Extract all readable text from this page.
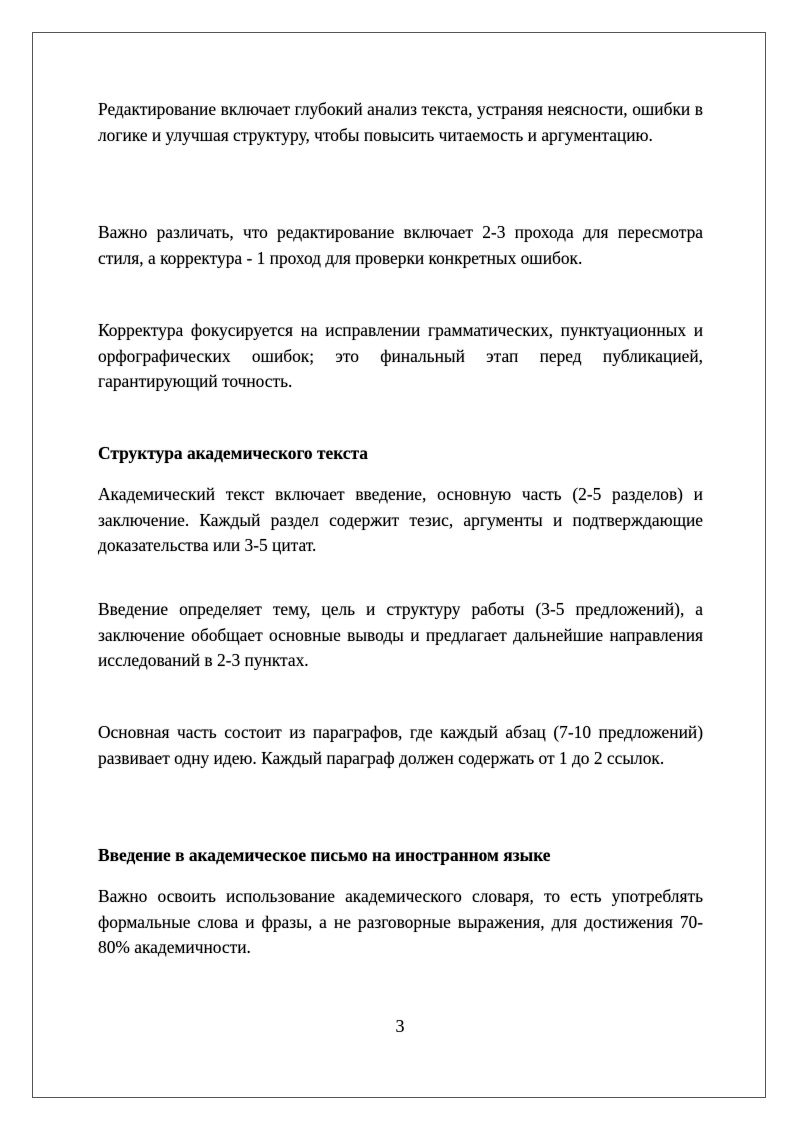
Редактирование включает глубокий анализ текста, устраняя неясности, ошибки в логике и улучшая структуру, чтобы повысить читаемость и аргументацию.

Важно различать, что редактирование включает 2-3 прохода для пересмотра стиля, а корректура - 1 проход для проверки конкретных ошибок.

Корректура фокусируется на исправлении грамматических, пунктуационных и орфографических ошибок; это финальный этап перед публикацией, гарантирующий точность.

Структура академического текста

Академический текст включает введение, основную часть (2-5 разделов) и заключение. Каждый раздел содержит тезис, аргументы и подтверждающие доказательства или 3-5 цитат.

Введение определяет тему, цель и структуру работы (3-5 предложений), а заключение обобщает основные выводы и предлагает дальнейшие направления исследований в 2-3 пунктах.

Основная часть состоит из параграфов, где каждый абзац (7-10 предложений) развивает одну идею. Каждый параграф должен содержать от 1 до 2 ссылок.

Введение в академическое письмо на иностранном языке

Важно освоить использование академического словаря, то есть употреблять формальные слова и фразы, а не разговорные выражения, для достижения 70-80% академичности.

3
